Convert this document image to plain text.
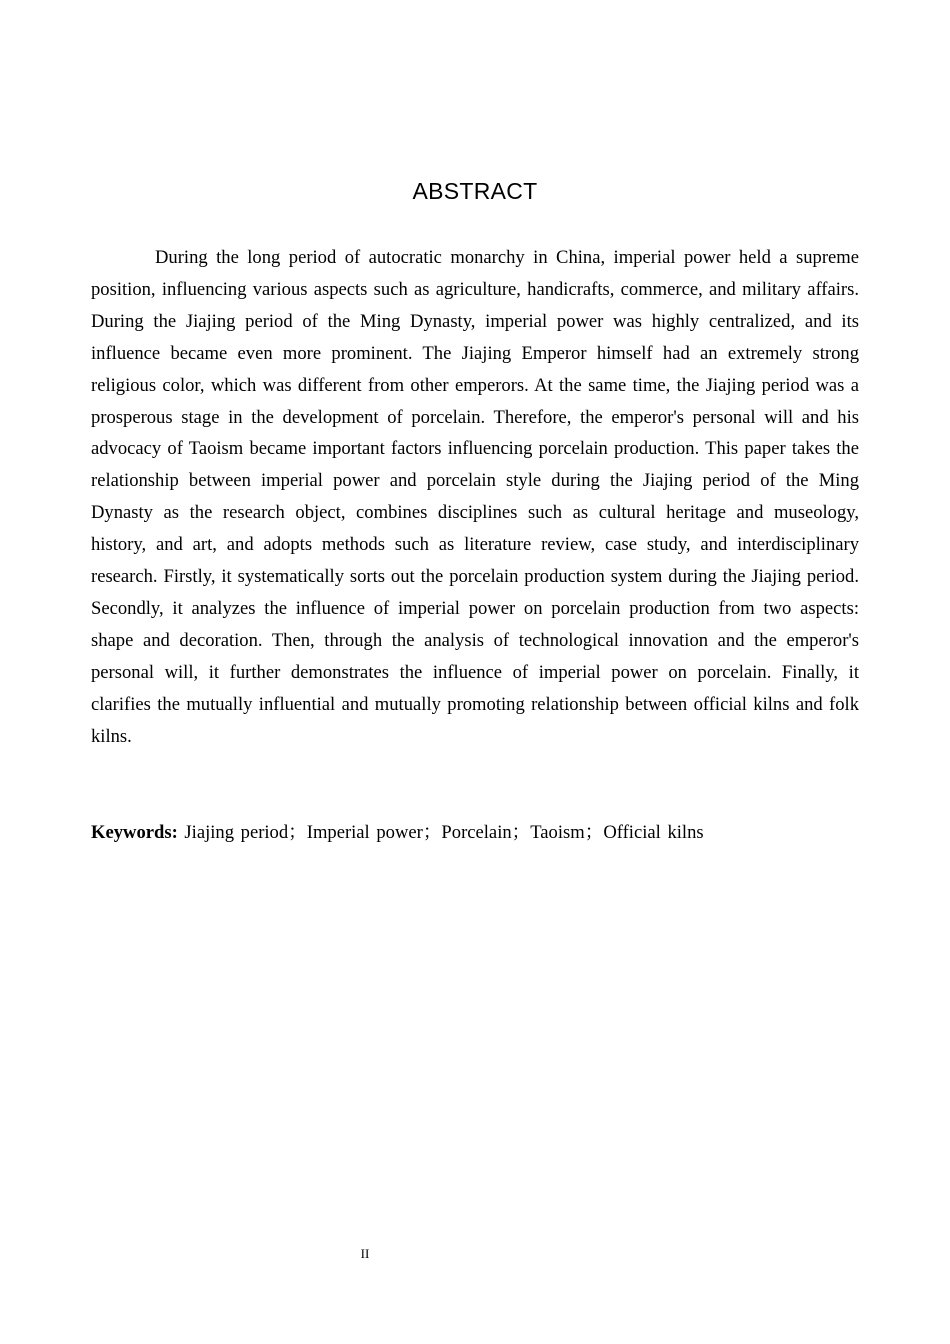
ABSTRACT

During the long period of autocratic monarchy in China, imperial power held a supreme position, influencing various aspects such as agriculture, handicrafts, commerce, and military affairs. During the Jiajing period of the Ming Dynasty, imperial power was highly centralized, and its influence became even more prominent. The Jiajing Emperor himself had an extremely strong religious color, which was different from other emperors. At the same time, the Jiajing period was a prosperous stage in the development of porcelain. Therefore, the emperor's personal will and his advocacy of Taoism became important factors influencing porcelain production. This paper takes the relationship between imperial power and porcelain style during the Jiajing period of the Ming Dynasty as the research object, combines disciplines such as cultural heritage and museology, history, and art, and adopts methods such as literature review, case study, and interdisciplinary research. Firstly, it systematically sorts out the porcelain production system during the Jiajing period. Secondly, it analyzes the influence of imperial power on porcelain production from two aspects: shape and decoration. Then, through the analysis of technological innovation and the emperor's personal will, it further demonstrates the influence of imperial power on porcelain. Finally, it clarifies the mutually influential and mutually promoting relationship between official kilns and folk kilns.

Keywords: Jiajing period；Imperial power；Porcelain；Taoism；Official kilns

II
